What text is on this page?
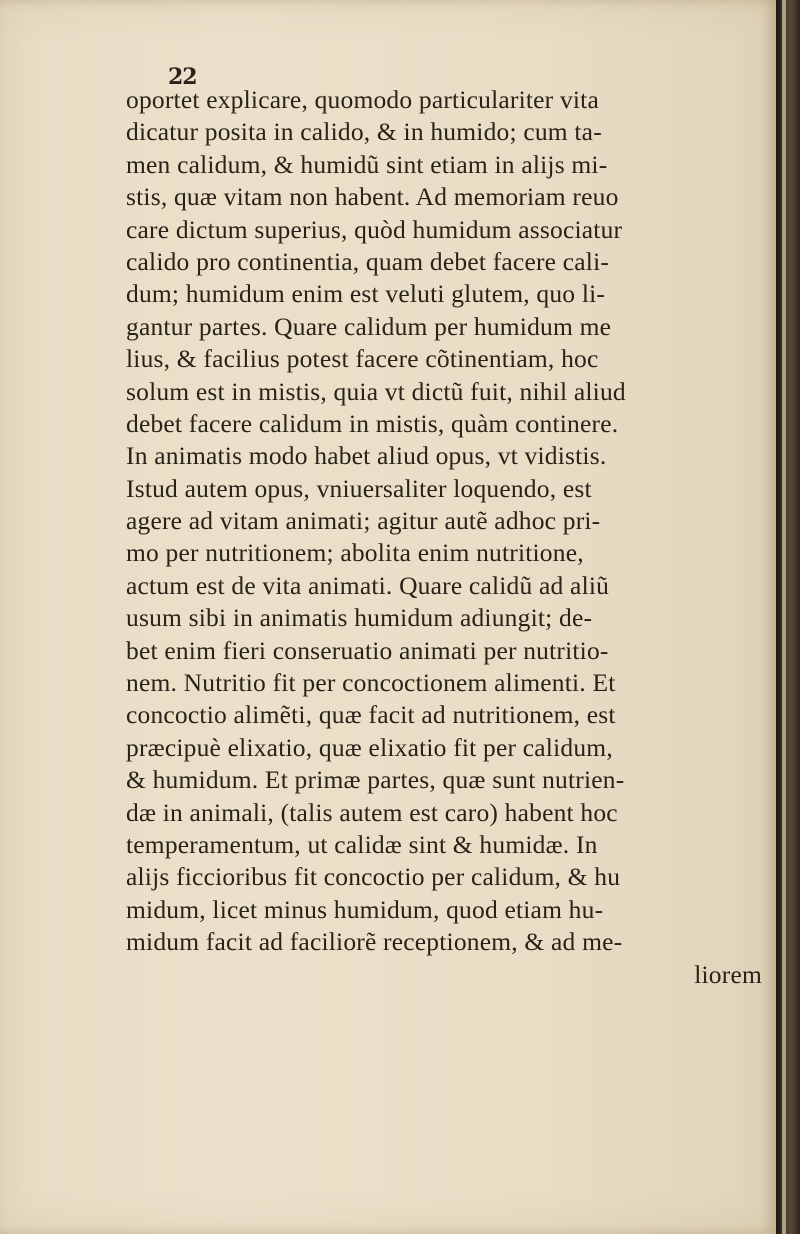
22
oportet explicare, quomodo particulariter vita
dicatur posita in calido, & in humido; cum ta-
men calidum, & humidũ sint etiam in alijs mi-
stis, quæ vitam non habent. Ad memoriam reuo
care dictum superius, quòd humidum associatur
calido pro continentia, quam debet facere cali-
dum; humidum enim est veluti glutem, quo li-
gantur partes. Quare calidum per humidum me
lius, & facilius potest facere cõtinentiam, hoc
solum est in mistis, quia vt dictũ fuit, nihil aliud
debet facere calidum in mistis, quàm continere.
In animatis modo habet aliud opus, vt vidistis.
Istud autem opus, vniuersaliter loquendo, est
agere ad vitam animati; agitur autẽ adhoc pri-
mo per nutritionem; abolita enim nutritione,
actum est de vita animati. Quare calidũ ad aliũ
usum sibi in animatis humidum adiungit; de-
bet enim fieri conseruatio animati per nutritio-
nem. Nutritio fit per concoctionem alimenti. Et
concoctio alimẽti, quæ facit ad nutritionem, est
præcipuè elixatio, quæ elixatio fit per calidum,
& humidum. Et primæ partes, quæ sunt nutrien-
dæ in animali, (talis autem est caro) habent hoc
temperamentum, ut calidæ sint & humidæ. In
alijs ficcioribus fit concoctio per calidum, & hu
midum, licet minus humidum, quod etiam hu-
midum facit ad faciliorẽ receptionem, & ad me-
liorem
